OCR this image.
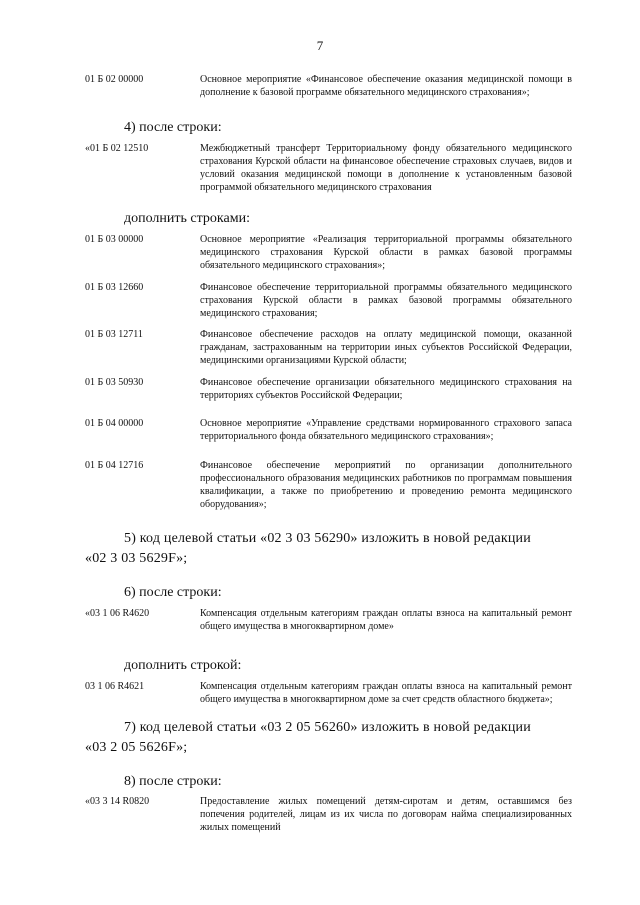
7
01 Б 02 00000	Основное мероприятие «Финансовое обеспечение оказания медицинской помощи в дополнение к базовой программе обязательного медицинского страхования»;
4) после строки:
«01 Б 02 12510	Межбюджетный трансферт Территориальному фонду обязательного медицинского страхования Курской области на финансовое обеспечение страховых случаев, видов и условий оказания медицинской помощи в дополнение к установленным базовой программой обязательного медицинского страхования
дополнить строками:
01 Б 03 00000	Основное мероприятие «Реализация территориальной программы обязательного медицинского страхования Курской области в рамках базовой программы обязательного медицинского страхования»;
01 Б 03 12660	Финансовое обеспечение территориальной программы обязательного медицинского страхования Курской области в рамках базовой программы обязательного медицинского страхования;
01 Б 03 12711	Финансовое обеспечение расходов на оплату медицинской помощи, оказанной гражданам, застрахованным на территории иных субъектов Российской Федерации, медицинскими организациями Курской области;
01 Б 03 50930	Финансовое обеспечение организации обязательного медицинского страхования на территориях субъектов Российской Федерации;
01 Б 04 00000	Основное мероприятие «Управление средствами нормированного страхового запаса территориального фонда обязательного медицинского страхования»;
01 Б 04 12716	Финансовое обеспечение мероприятий по организации дополнительного профессионального образования медицинских работников по программам повышения квалификации, а также по приобретению и проведению ремонта медицинского оборудования»;
5) код целевой статьи «02 3 03 56290» изложить в новой редакции
«02 3 03 5629F»;
6) после строки:
«03 1 06 R4620	Компенсация отдельным категориям граждан оплаты взноса на капитальный ремонт общего имущества в многоквартирном доме»
дополнить строкой:
03 1 06 R4621	Компенсация отдельным категориям граждан оплаты взноса на капитальный ремонт общего имущества в многоквартирном доме за счет средств областного бюджета»;
7) код целевой статьи «03 2 05 56260» изложить в новой редакции
«03 2 05 5626F»;
8) после строки:
«03 3 14 R0820	Предоставление жилых помещений детям-сиротам и детям, оставшимся без попечения родителей, лицам из их числа по договорам найма специализированных жилых помещений
